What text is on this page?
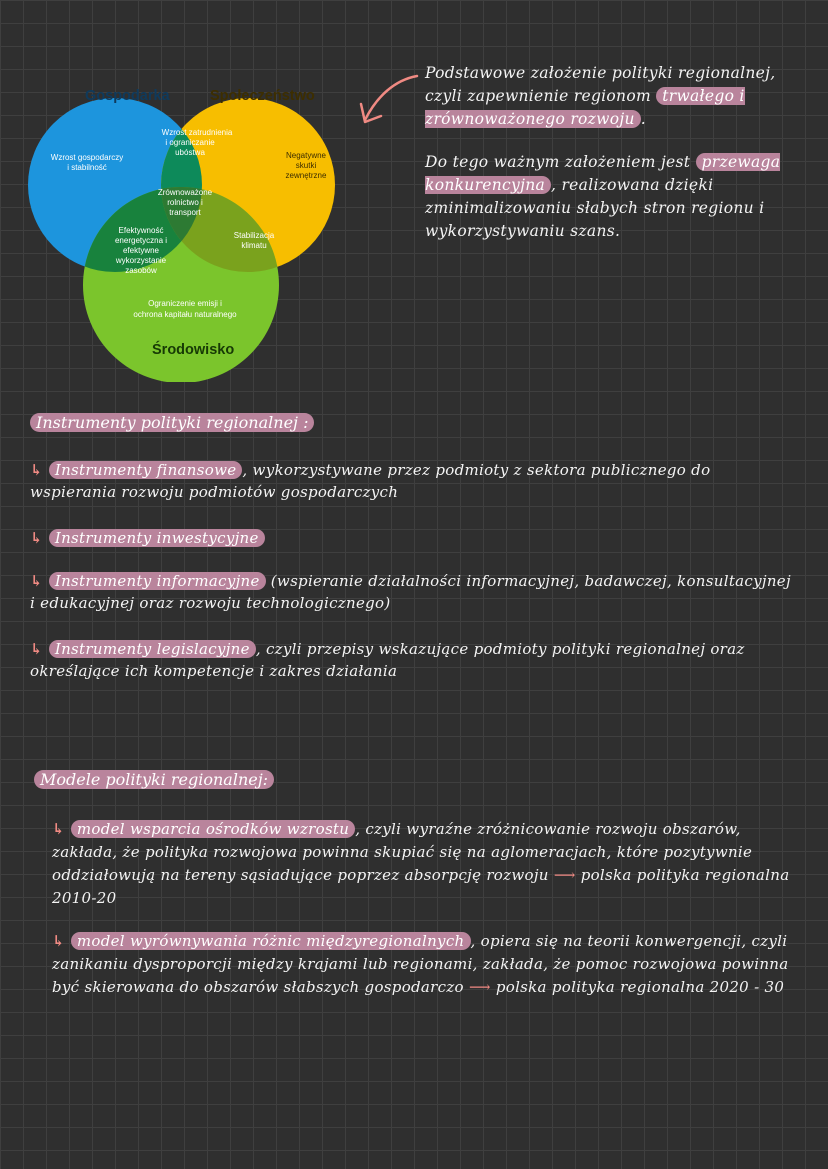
Gospodarka	Społeczeństwo
Środowisko
Wzrost gospodarczy
i stabilność
Wzrost zatrudnienia
i ograniczanie
ubóstwa
Zrównoważone
rolnictwo i
transport
Efektywność
energetyczna i
efektywne
wykorzystanie
zasobów
Stabilizacja
klimatu
Ograniczenie emisji i
ochrona kapitału naturalnego
Negatywne
skutki
zewnętrzne

Podstawowe założenie polityki regionalnej, czyli zapewnienie regionom trwałego i zrównoważonego rozwoju .

Do tego ważnym założeniem jest przewaga konkurencyjna , realizowana dzięki zminimalizowaniu słabych stron regionu i wykorzystywaniu szans.

Instrumenty polityki regionalnej :
↳ Instrumenty finansowe , wykorzystywane przez podmioty z sektora publicznego do wspierania rozwoju podmiotów gospodarczych
↳ Instrumenty inwestycyjne
↳ Instrumenty informacyjne (wspieranie działalności informacyjnej, badawczej, konsultacyjnej i edukacyjnej oraz rozwoju technologicznego)
↳ Instrumenty legislacyjne , czyli przepisy wskazujące podmioty polityki regionalnej oraz określające ich kompetencje i zakres działania
Modele polityki regionalnej:
↳ model wsparcia ośrodków wzrostu , czyli wyraźne zróżnicowanie rozwoju obszarów, zakłada, że polityka rozwojowa powinna skupiać się na aglomeracjach, które pozytywnie oddziałowują na tereny sąsiadujące poprzez absorpcję rozwoju ⟶ polska polityka regionalna 2010-20
↳ model wyrównywania różnic międzyregionalnych , opiera się na teorii konwergencji, czyli zanikaniu dysproporcji między krajami lub regionami, zakłada, że pomoc rozwojowa powinna być skierowana do obszarów słabszych gospodarczo ⟶ polska polityka regionalna 2020 - 30
